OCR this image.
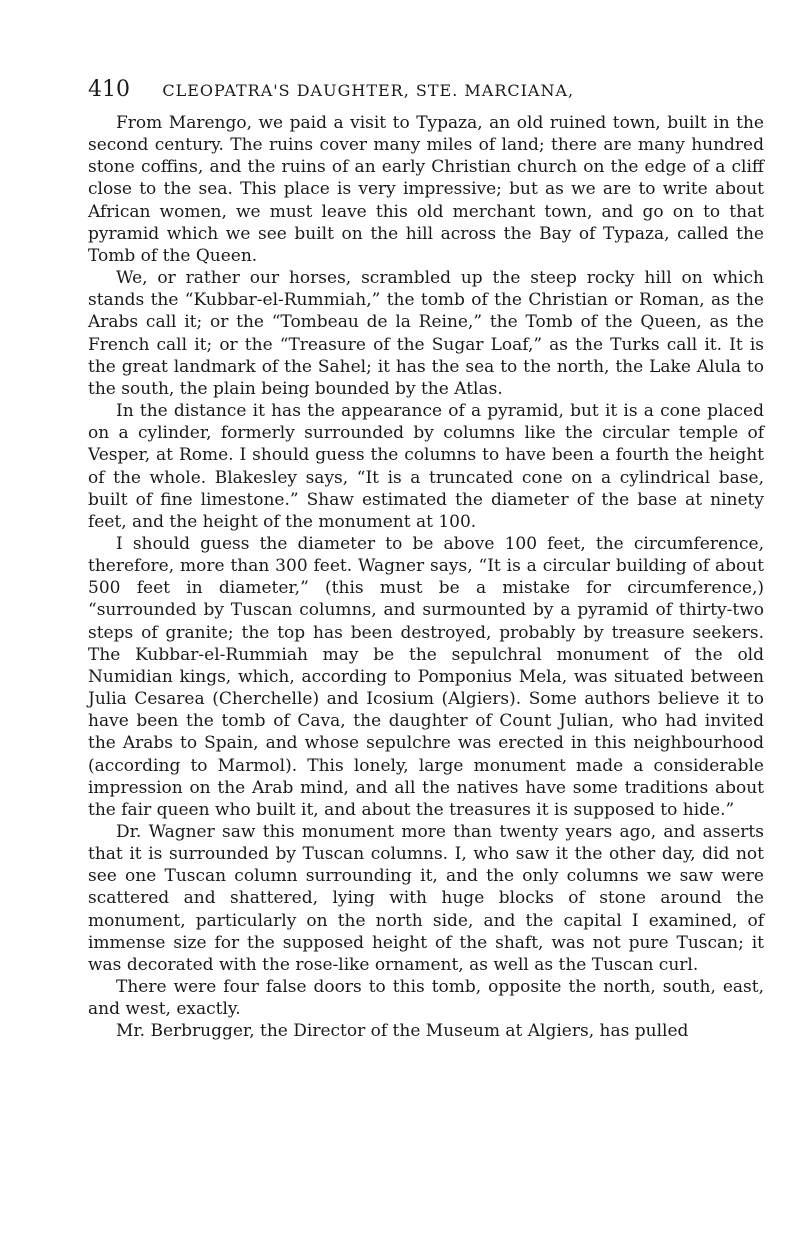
410 CLEOPATRA'S DAUGHTER, STE. MARCIANA,

From Marengo, we paid a visit to Typaza, an old ruined town, built in the second century. The ruins cover many miles of land; there are many hundred stone coffins, and the ruins of an early Christian church on the edge of a cliff close to the sea. This place is very impressive; but as we are to write about African women, we must leave this old merchant town, and go on to that pyramid which we see built on the hill across the Bay of Typaza, called the Tomb of the Queen.

We, or rather our horses, scrambled up the steep rocky hill on which stands the “Kubbar-el-Rummiah,” the tomb of the Christian or Roman, as the Arabs call it; or the “Tombeau de la Reine,” the Tomb of the Queen, as the French call it; or the “Treasure of the Sugar Loaf,” as the Turks call it. It is the great landmark of the Sahel; it has the sea to the north, the Lake Alula to the south, the plain being bounded by the Atlas.

In the distance it has the appearance of a pyramid, but it is a cone placed on a cylinder, formerly surrounded by columns like the circular temple of Vesper, at Rome. I should guess the columns to have been a fourth the height of the whole. Blakesley says, “It is a truncated cone on a cylindrical base, built of fine limestone.” Shaw estimated the diameter of the base at ninety feet, and the height of the monument at 100.

I should guess the diameter to be above 100 feet, the circumference, therefore, more than 300 feet. Wagner says, “It is a circular building of about 500 feet in diameter,” (this must be a mistake for circumference,) “surrounded by Tuscan columns, and surmounted by a pyramid of thirty-two steps of granite; the top has been destroyed, probably by treasure seekers. The Kubbar-el-Rummiah may be the sepulchral monument of the old Numidian kings, which, according to Pomponius Mela, was situated between Julia Cesarea (Cherchelle) and Icosium (Algiers). Some authors believe it to have been the tomb of Cava, the daughter of Count Julian, who had invited the Arabs to Spain, and whose sepulchre was erected in this neighbourhood (according to Marmol). This lonely, large monument made a considerable impression on the Arab mind, and all the natives have some traditions about the fair queen who built it, and about the treasures it is supposed to hide.”

Dr. Wagner saw this monument more than twenty years ago, and asserts that it is surrounded by Tuscan columns. I, who saw it the other day, did not see one Tuscan column surrounding it, and the only columns we saw were scattered and shattered, lying with huge blocks of stone around the monument, particularly on the north side, and the capital I examined, of immense size for the supposed height of the shaft, was not pure Tuscan; it was decorated with the rose-like ornament, as well as the Tuscan curl.

There were four false doors to this tomb, opposite the north, south, east, and west, exactly.

Mr. Berbrugger, the Director of the Museum at Algiers, has pulled
